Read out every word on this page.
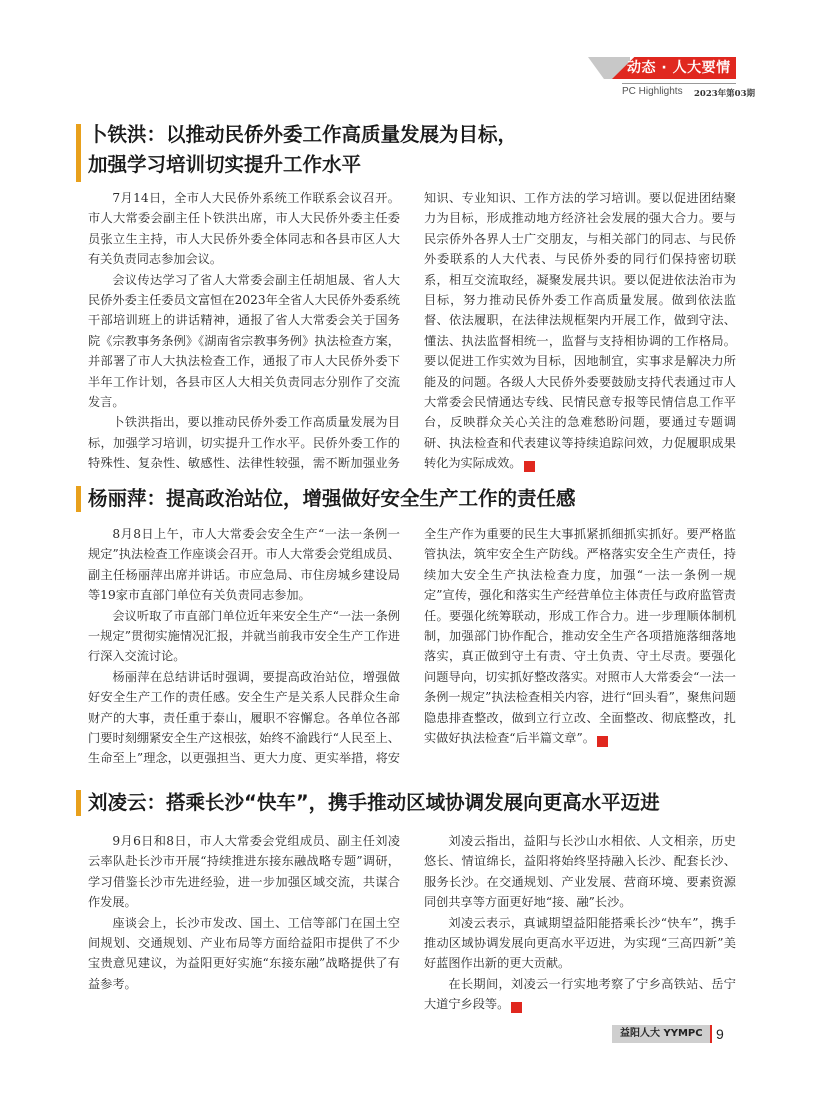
动态 · 人大要情
PC Highlights 2023年第03期
卜铁洪：以推动民侨外委工作高质量发展为目标，
加强学习培训切实提升工作水平

7月14日，全市人大民侨外系统工作联系会议召开。市人大常委会副主任卜铁洪出席，市人大民侨外委主任委员张立生主持，市人大民侨外委全体同志和各县市区人大有关负责同志参加会议。

会议传达学习了省人大常委会副主任胡旭晟、省人大民侨外委主任委员文富恒在2023年全省人大民侨外委系统干部培训班上的讲话精神，通报了省人大常委会关于国务院《宗教事务条例》《湖南省宗教事务例》执法检查方案，并部署了市人大执法检查工作，通报了市人大民侨外委下半年工作计划，各县市区人大相关负责同志分别作了交流发言。

卜铁洪指出，要以推动民侨外委工作高质量发展为目标，加强学习培训，切实提升工作水平。民侨外委工作的特殊性、复杂性、敏感性、法律性较强，需不断加强业务知识、专业知识、工作方法的学习培训。要以促进团结聚力为目标，形成推动地方经济社会发展的强大合力。要与民宗侨外各界人士广交朋友，与相关部门的同志、与民侨外委联系的人大代表、与民侨外委的同行们保持密切联系，相互交流取经，凝聚发展共识。要以促进依法治市为目标，努力推动民侨外委工作高质量发展。做到依法监督、依法履职，在法律法规框架内开展工作，做到守法、懂法、执法监督相统一，监督与支持相协调的工作格局。要以促进工作实效为目标，因地制宜，实事求是解决力所能及的问题。各级人大民侨外委要鼓励支持代表通过市人大常委会民情通达专线、民情民意专报等民情信息工作平台，反映群众关心关注的急难愁盼问题，要通过专题调研、执法检查和代表建议等持续追踪问效，力促履职成果转化为实际成效。	人

杨丽萍：提高政治站位，增强做好安全生产工作的责任感

8月8日上午，市人大常委会安全生产“一法一条例一规定”执法检查工作座谈会召开。市人大常委会党组成员、副主任杨丽萍出席并讲话。市应急局、市住房城乡建设局等19家市直部门单位有关负责同志参加。

会议听取了市直部门单位近年来安全生产“一法一条例一规定”贯彻实施情况汇报，并就当前我市安全生产工作进行深入交流讨论。

杨丽萍在总结讲话时强调，要提高政治站位，增强做好安全生产工作的责任感。安全生产是关系人民群众生命财产的大事，责任重于泰山，履职不容懈怠。各单位各部门要时刻绷紧安全生产这根弦，始终不渝践行“人民至上、生命至上”理念，以更强担当、更大力度、更实举措，将安全生产作为重要的民生大事抓紧抓细抓实抓好。要严格监管执法，筑牢安全生产防线。严格落实安全生产责任，持续加大安全生产执法检查力度，加强“一法一条例一规定”宣传，强化和落实生产经营单位主体责任与政府监管责任。要强化统筹联动，形成工作合力。进一步理顺体制机制，加强部门协作配合，推动安全生产各项措施落细落地落实，真正做到守土有责、守土负责、守土尽责。要强化问题导向，切实抓好整改落实。对照市人大常委会“一法一条例一规定”执法检查相关内容，进行“回头看”，聚焦问题隐患排查整改，做到立行立改、全面整改、彻底整改，扎实做好执法检查“后半篇文章”。	人

刘凌云：搭乘长沙“快车”，携手推动区域协调发展向更高水平迈进

9月6日和8日，市人大常委会党组成员、副主任刘凌云率队赴长沙市开展“持续推进东接东融战略专题”调研，学习借鉴长沙市先进经验，进一步加强区域交流，共谋合作发展。

座谈会上，长沙市发改、国土、工信等部门在国土空间规划、交通规划、产业布局等方面给益阳市提供了不少宝贵意见建议，为益阳更好实施“东接东融”战略提供了有益参考。

刘凌云指出，益阳与长沙山水相依、人文相亲，历史悠长、情谊绵长，益阳将始终坚持融入长沙、配套长沙、服务长沙。在交通规划、产业发展、营商环境、要素资源同创共享等方面更好地“接、融”长沙。

刘凌云表示，真诚期望益阳能搭乘长沙“快车”，携手推动区域协调发展向更高水平迈进，为实现“三高四新”美好蓝图作出新的更大贡献。

在长期间，刘凌云一行实地考察了宁乡高铁站、岳宁大道宁乡段等。	人

益阳人大 YYMPC 9
